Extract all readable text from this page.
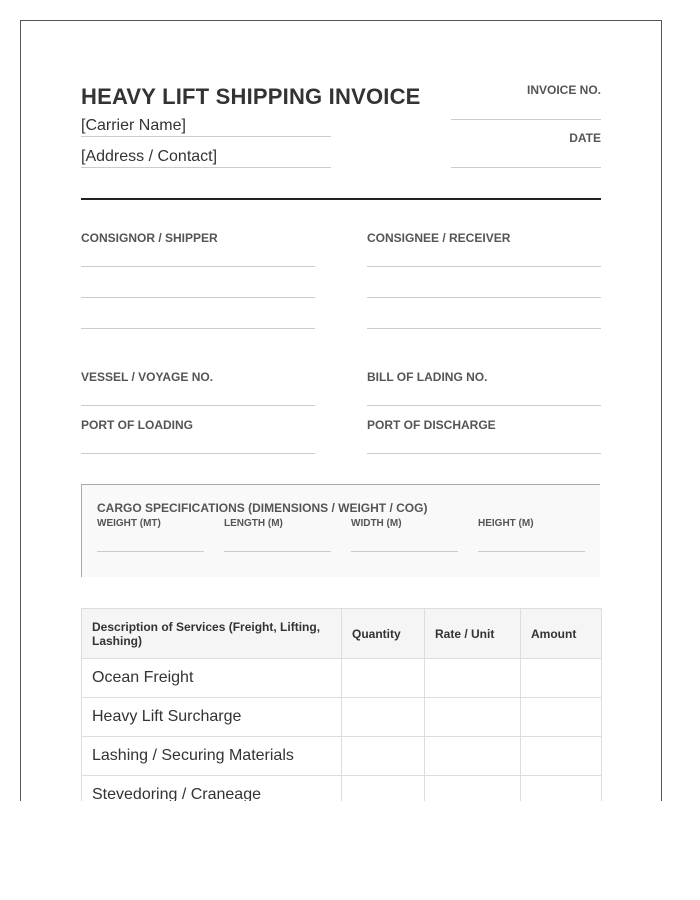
HEAVY LIFT SHIPPING INVOICE
[Carrier Name]
[Address / Contact]
INVOICE NO.
DATE
CONSIGNOR / SHIPPER	CONSIGNEE / RECEIVER
VESSEL / VOYAGE NO.	BILL OF LADING NO.
PORT OF LOADING	PORT OF DISCHARGE
CARGO SPECIFICATIONS (DIMENSIONS / WEIGHT / COG)
WEIGHT (MT)	LENGTH (M)	WIDTH (M)	HEIGHT (M)
Description of Services (Freight, Lifting, Lashing)	Quantity	Rate / Unit	Amount
Ocean Freight			
Heavy Lift Surcharge			
Lashing / Securing Materials			
Stevedoring / Craneage			
